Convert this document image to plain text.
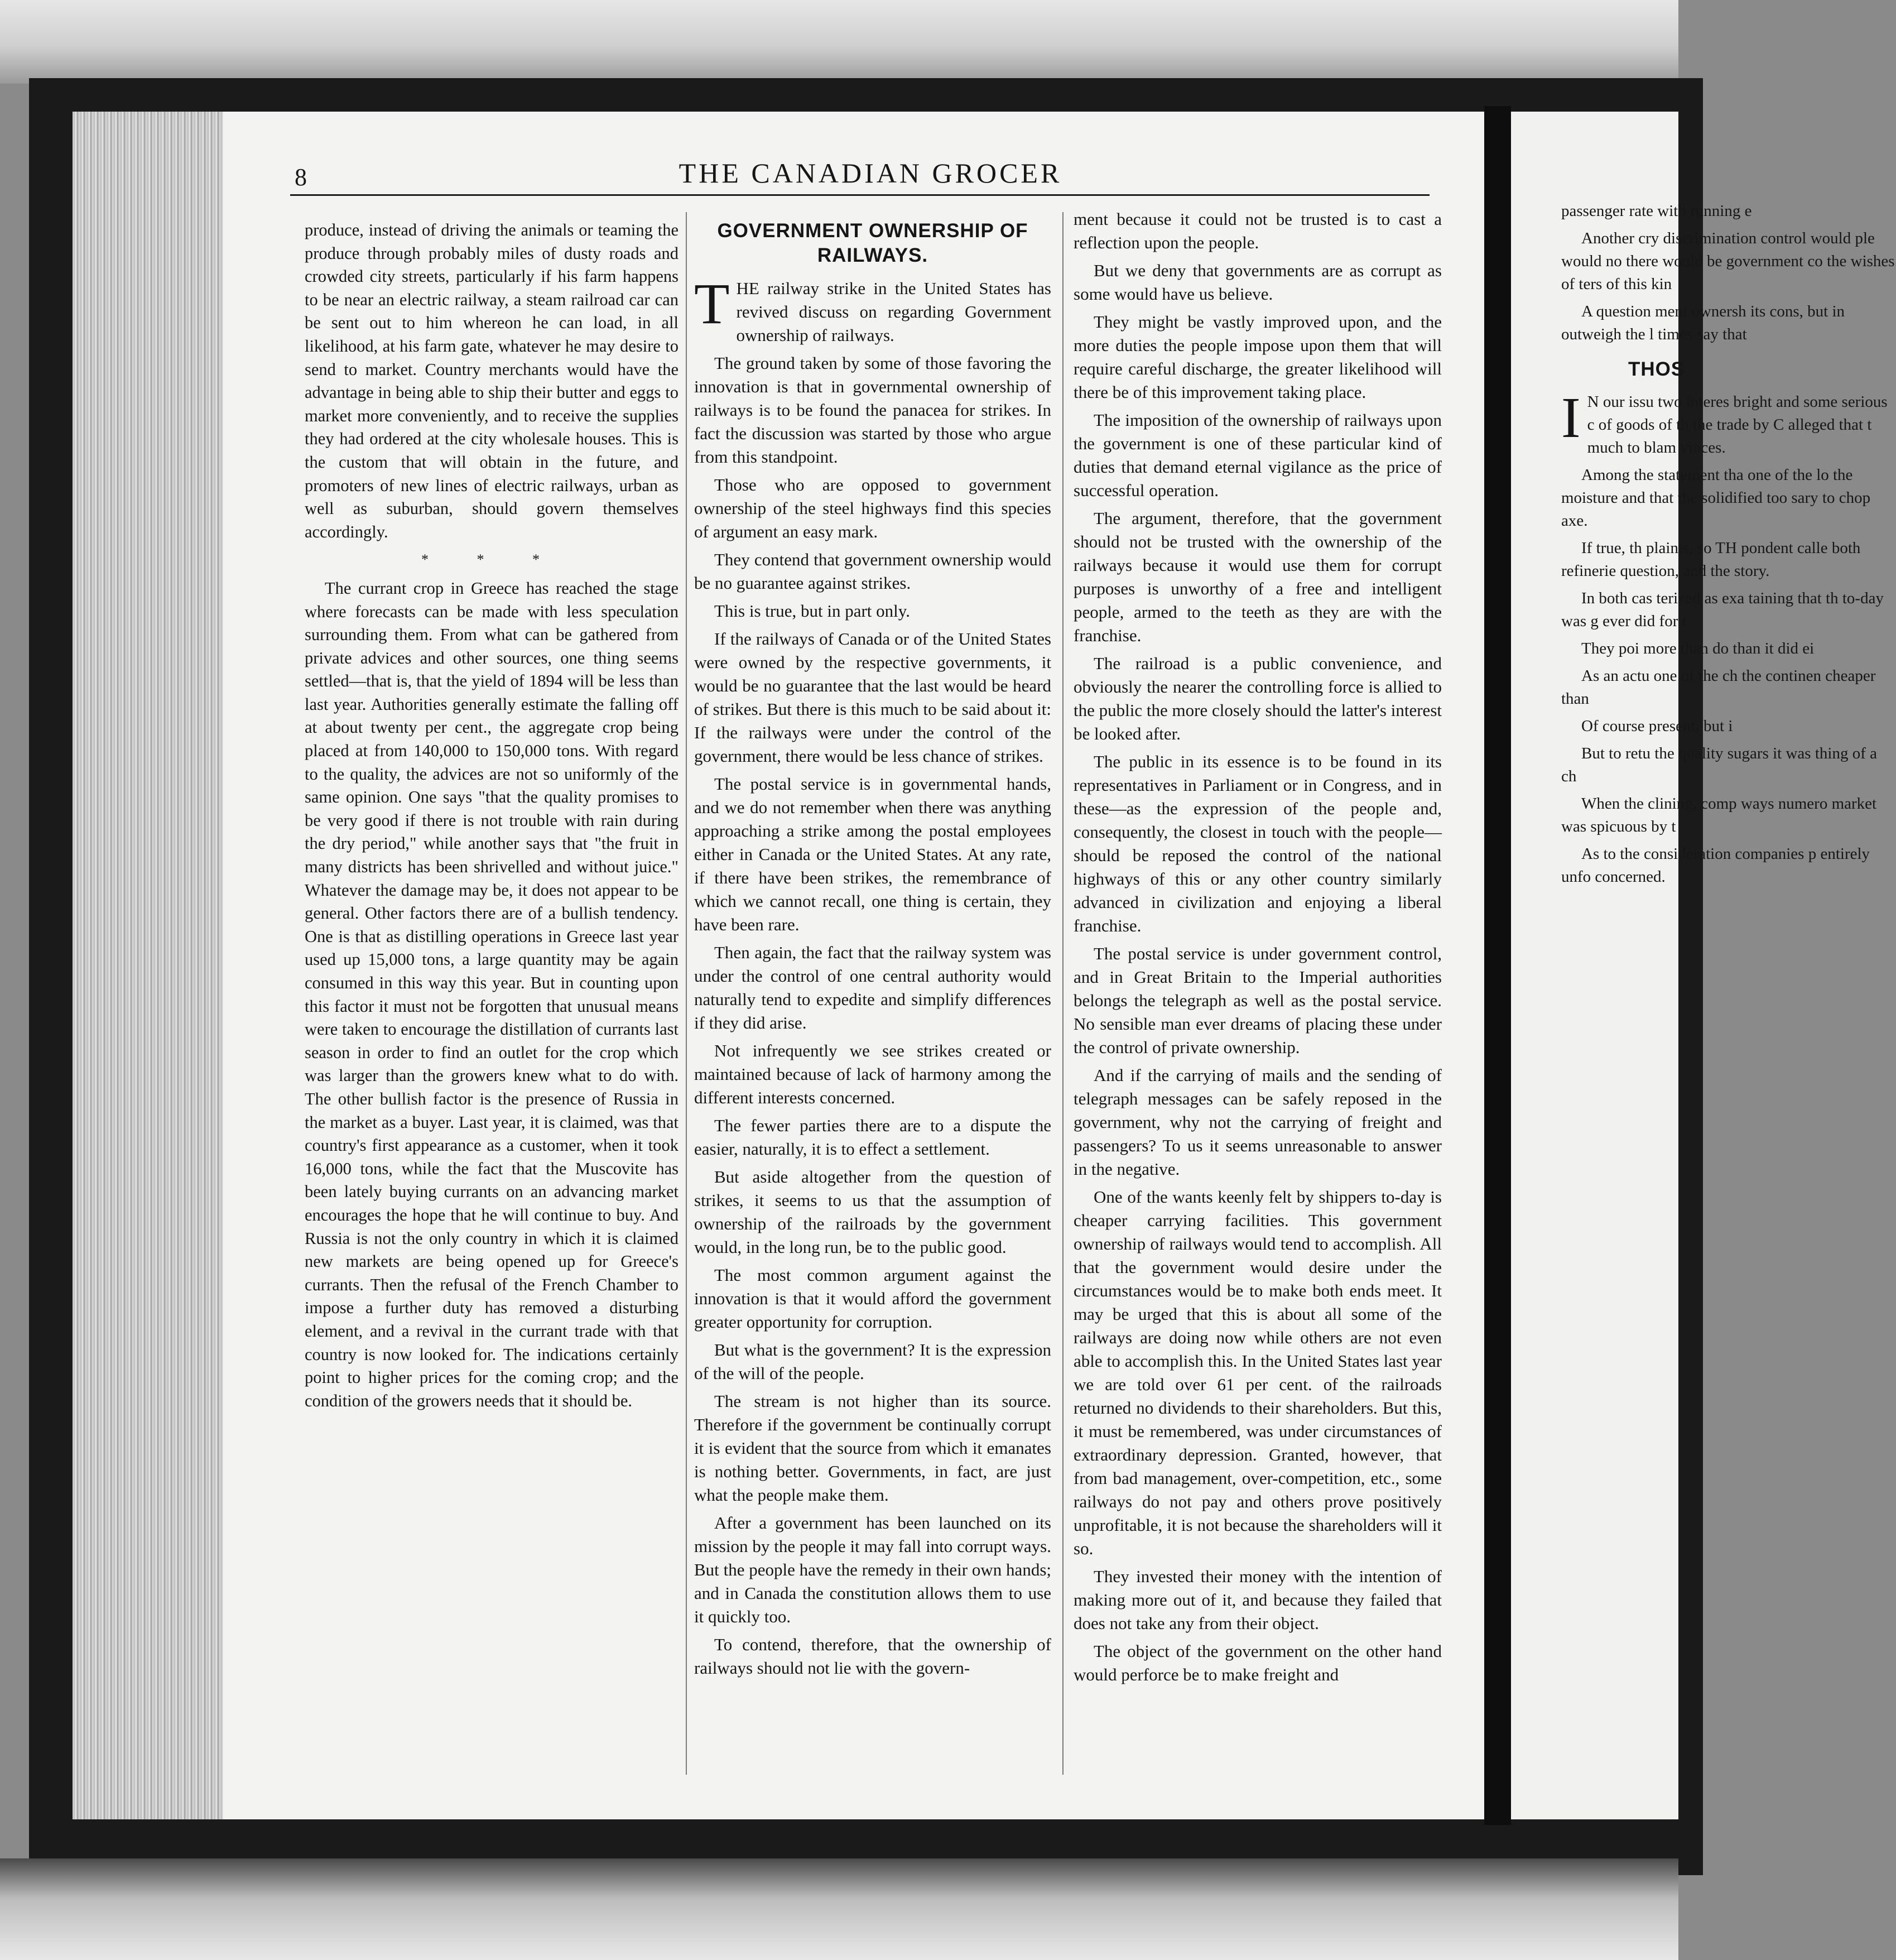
8	THE CANADIAN GROCER

produce, instead of driving the animals or teaming the produce through probably miles of dusty roads and crowded city streets, particularly if his farm happens to be near an electric railway, a steam railroad car can be sent out to him whereon he can load, in all likelihood, at his farm gate, whatever he may desire to send to market. Country merchants would have the advantage in being able to ship their butter and eggs to market more conveniently, and to receive the supplies they had ordered at the city wholesale houses. This is the custom that will obtain in the future, and promoters of new lines of electric railways, urban as well as suburban, should govern themselves accordingly.

* * *

The currant crop in Greece has reached the stage where forecasts can be made with less speculation surrounding them. From what can be gathered from private advices and other sources, one thing seems settled—that is, that the yield of 1894 will be less than last year. Authorities generally estimate the falling off at about twenty per cent., the aggregate crop being placed at from 140,000 to 150,000 tons. With regard to the quality, the advices are not so uniformly of the same opinion. One says "that the quality promises to be very good if there is not trouble with rain during the dry period," while another says that "the fruit in many districts has been shrivelled and without juice." Whatever the damage may be, it does not appear to be general. Other factors there are of a bullish tendency. One is that as distilling operations in Greece last year used up 15,000 tons, a large quantity may be again consumed in this way this year. But in counting upon this factor it must not be forgotten that unusual means were taken to encourage the distillation of currants last season in order to find an outlet for the crop which was larger than the growers knew what to do with. The other bullish factor is the presence of Russia in the market as a buyer. Last year, it is claimed, was that country's first appearance as a customer, when it took 16,000 tons, while the fact that the Muscovite has been lately buying currants on an advancing market encourages the hope that he will continue to buy. And Russia is not the only country in which it is claimed new markets are being opened up for Greece's currants. Then the refusal of the French Chamber to impose a further duty has removed a disturbing element, and a revival in the currant trade with that country is now looked for. The indications certainly point to higher prices for the coming crop; and the condition of the growers needs that it should be.

GOVERNMENT OWNERSHIP OF RAILWAYS.

THE railway strike in the United States has revived discuss on regarding Government ownership of railways.

The ground taken by some of those favoring the innovation is that in governmental ownership of railways is to be found the panacea for strikes. In fact the discussion was started by those who argue from this standpoint.

Those who are opposed to government ownership of the steel highways find this species of argument an easy mark.

They contend that government ownership would be no guarantee against strikes.

This is true, but in part only.

If the railways of Canada or of the United States were owned by the respective governments, it would be no guarantee that the last would be heard of strikes. But there is this much to be said about it: If the railways were under the control of the government, there would be less chance of strikes.

The postal service is in governmental hands, and we do not remember when there was anything approaching a strike among the postal employees either in Canada or the United States. At any rate, if there have been strikes, the remembrance of which we cannot recall, one thing is certain, they have been rare.

Then again, the fact that the railway system was under the control of one central authority would naturally tend to expedite and simplify differences if they did arise.

Not infrequently we see strikes created or maintained because of lack of harmony among the different interests concerned.

The fewer parties there are to a dispute the easier, naturally, it is to effect a settlement.

But aside altogether from the question of strikes, it seems to us that the assumption of ownership of the railroads by the government would, in the long run, be to the public good.

The most common argument against the innovation is that it would afford the government greater opportunity for corruption.

But what is the government? It is the expression of the will of the people.

The stream is not higher than its source. Therefore if the government be continually corrupt it is evident that the source from which it emanates is nothing better. Governments, in fact, are just what the people make them.

After a government has been launched on its mission by the people it may fall into corrupt ways. But the people have the remedy in their own hands; and in Canada the constitution allows them to use it quickly too.

To contend, therefore, that the ownership of railways should not lie with the govern-

ment because it could not be trusted is to cast a reflection upon the people.

But we deny that governments are as corrupt as some would have us believe.

They might be vastly improved upon, and the more duties the people impose upon them that will require careful discharge, the greater likelihood will there be of this improvement taking place.

The imposition of the ownership of railways upon the government is one of these particular kind of duties that demand eternal vigilance as the price of successful operation.

The argument, therefore, that the government should not be trusted with the ownership of the railways because it would use them for corrupt purposes is unworthy of a free and intelligent people, armed to the teeth as they are with the franchise.

The railroad is a public convenience, and obviously the nearer the controlling force is allied to the public the more closely should the latter's interest be looked after.

The public in its essence is to be found in its representatives in Parliament or in Congress, and in these—as the expression of the people and, consequently, the closest in touch with the people—should be reposed the control of the national highways of this or any other country similarly advanced in civilization and enjoying a liberal franchise.

The postal service is under government control, and in Great Britain to the Imperial authorities belongs the telegraph as well as the postal service. No sensible man ever dreams of placing these under the control of private ownership.

And if the carrying of mails and the sending of telegraph messages can be safely reposed in the government, why not the carrying of freight and passengers? To us it seems unreasonable to answer in the negative.

One of the wants keenly felt by shippers to-day is cheaper carrying facilities. This government ownership of railways would tend to accomplish. All that the government would desire under the circumstances would be to make both ends meet. It may be urged that this is about all some of the railways are doing now while others are not even able to accomplish this. In the United States last year we are told over 61 per cent. of the railroads returned no dividends to their shareholders. But this, it must be remembered, was under circumstances of extraordinary depression. Granted, however, that from bad management, over-competition, etc., some railways do not pay and others prove positively unprofitable, it is not because the shareholders will it so.

They invested their money with the intention of making more out of it, and because they failed that does not take any from their object.

The object of the government on the other hand would perforce be to make freight and

passenger rate with running e

Another cry discrimination control would ple would no there would be government co the wishes of ters of this kin

A question ment ownersh its cons, but in outweigh the l times say that

THOS

I N our issu two interes bright and some serious c of goods of th the trade by C alleged that t much to blam vinces.

Among the statement tha one of the lo the moisture and that the solidified too sary to chop axe.

If true, th plaints, so TH pondent calle both refinerie question, and the story.

In both cas terized as exa taining that th to-day was g ever did for t

They poi more than do than it did ei

As an actu one of the ch the continen cheaper than

Of course present, but i

But to retu the quality sugars it was thing of a ch

When the clining, comp ways numero market was spicuous by t

As to the consideration companies p entirely unfo concerned.
